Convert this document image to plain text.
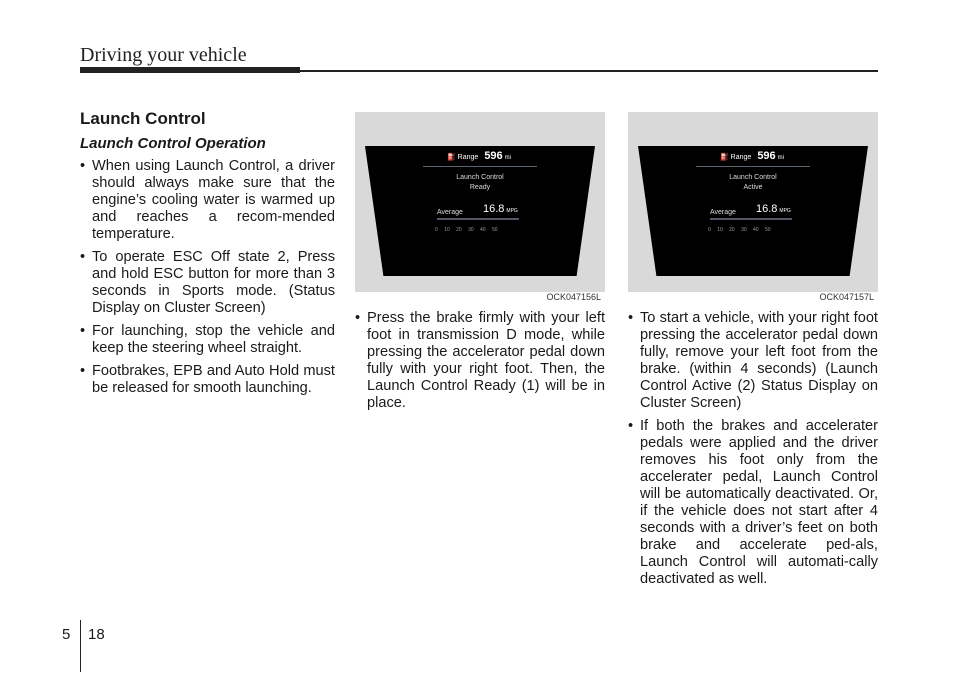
Driving your vehicle
Launch Control
Launch Control Operation
• When using Launch Control, a driver should always make sure that the engine’s cooling water is warmed up and reaches a recom-mended temperature.
• To operate ESC Off state 2, Press and hold ESC button for more than 3 seconds in Sports mode. (Status Display on Cluster Screen)
• For launching, stop the vehicle and keep the steering wheel straight.
• Footbrakes, EPB and Auto Hold must be released for smooth launching.
⛽ Range 596 mi
Launch Control
Ready
Average 16.8 MPG
0 10 20 30 40 50
OCK047156L
• Press the brake firmly with your left foot in transmission D mode, while pressing the accelerator pedal down fully with your right foot. Then, the Launch Control Ready (1) will be in place.
⛽ Range 596 mi
Launch Control
Active
Average 16.8 MPG
0 10 20 30 40 50
OCK047157L
• To start a vehicle, with your right foot pressing the accelerator pedal down fully, remove your left foot from the brake. (within 4 seconds) (Launch Control Active (2) Status Display on Cluster Screen)
• If both the brakes and accelerater pedals were applied and the driver removes his foot only from the accelerater pedal, Launch Control will be automatically deactivated. Or, if the vehicle does not start after 4 seconds with a driver’s feet on both brake and accelerate ped-als, Launch Control will automati-cally deactivated as well.
5 18
